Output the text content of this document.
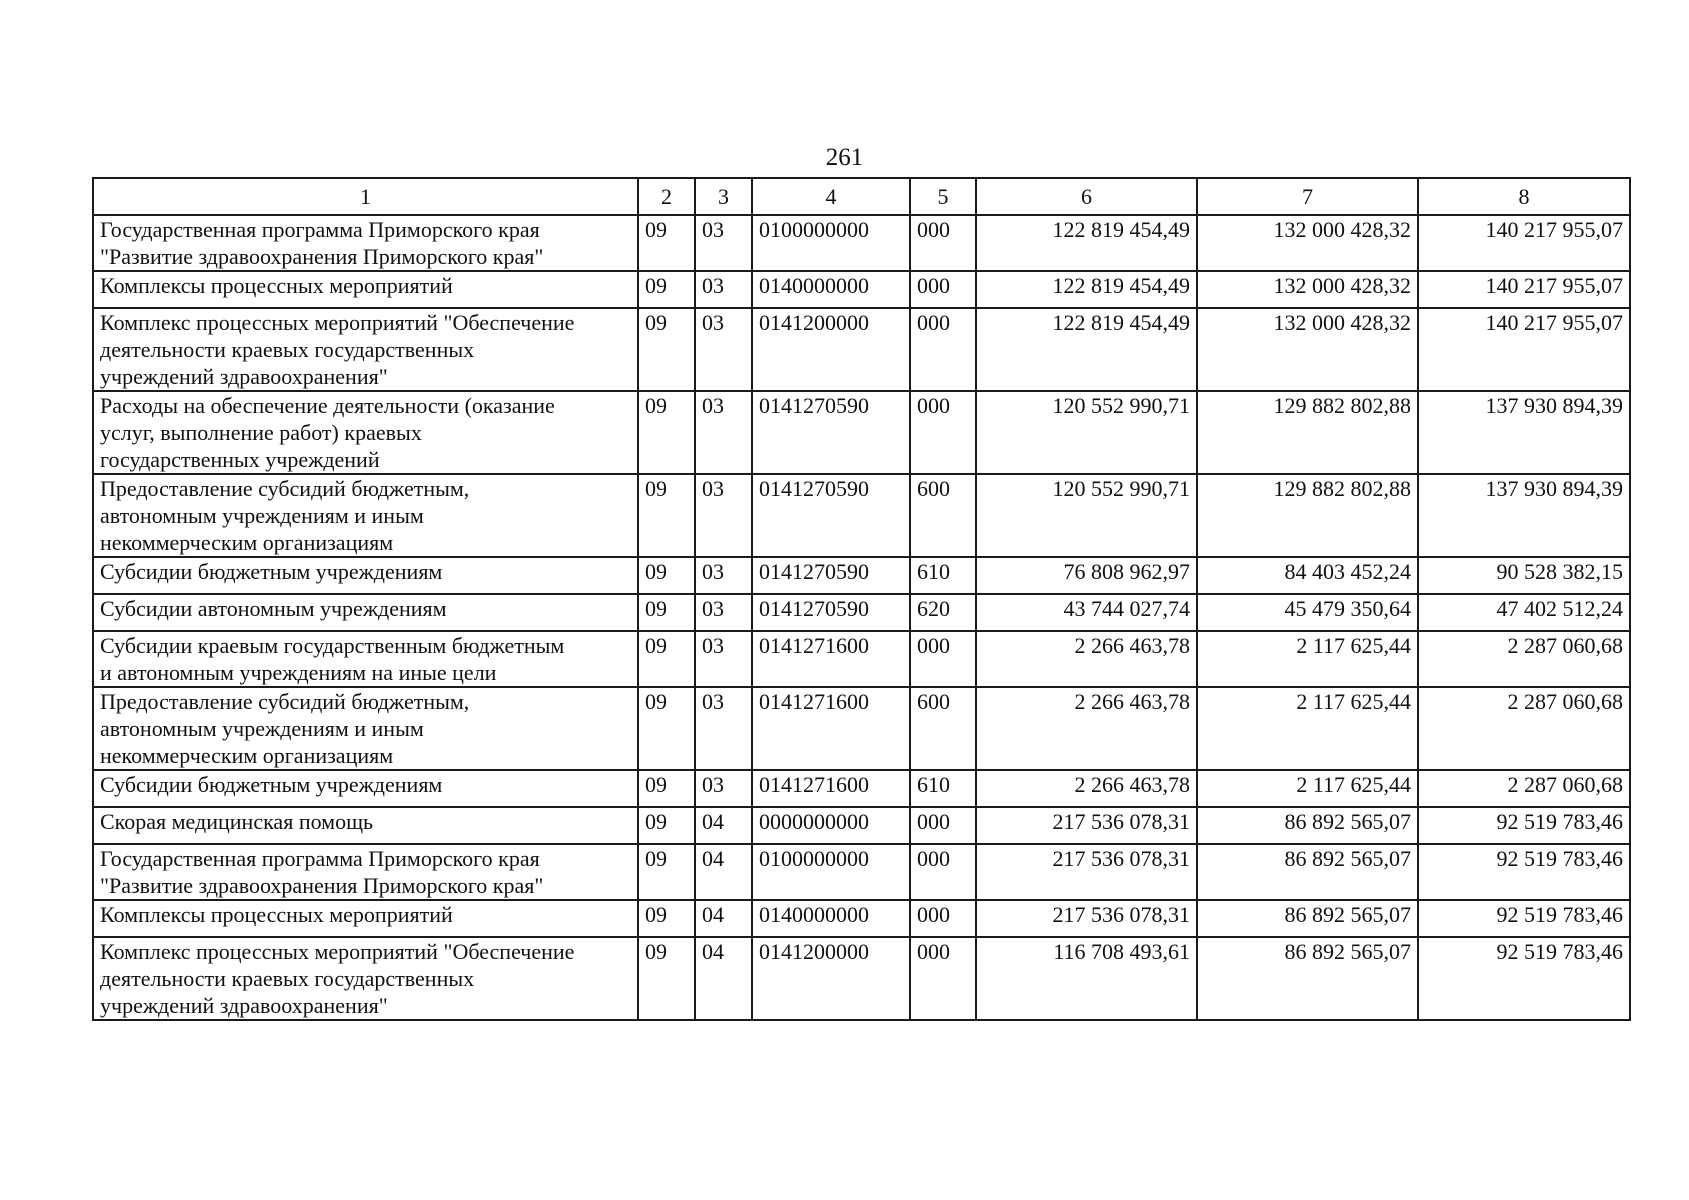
261
1	2	3	4	5	6	7	8
Государственная программа Приморского края
"Развитие здравоохранения Приморского края"	09	03	0100000000	000	122 819 454,49	132 000 428,32	140 217 955,07
Комплексы процессных мероприятий	09	03	0140000000	000	122 819 454,49	132 000 428,32	140 217 955,07
Комплекс процессных мероприятий "Обеспечение
деятельности краевых государственных
учреждений здравоохранения"	09	03	0141200000	000	122 819 454,49	132 000 428,32	140 217 955,07
Расходы на обеспечение деятельности (оказание
услуг, выполнение работ) краевых
государственных учреждений	09	03	0141270590	000	120 552 990,71	129 882 802,88	137 930 894,39
Предоставление субсидий бюджетным,
автономным учреждениям и иным
некоммерческим организациям	09	03	0141270590	600	120 552 990,71	129 882 802,88	137 930 894,39
Субсидии бюджетным учреждениям	09	03	0141270590	610	76 808 962,97	84 403 452,24	90 528 382,15
Субсидии автономным учреждениям	09	03	0141270590	620	43 744 027,74	45 479 350,64	47 402 512,24
Субсидии краевым государственным бюджетным
и автономным учреждениям на иные цели	09	03	0141271600	000	2 266 463,78	2 117 625,44	2 287 060,68
Предоставление субсидий бюджетным,
автономным учреждениям и иным
некоммерческим организациям	09	03	0141271600	600	2 266 463,78	2 117 625,44	2 287 060,68
Субсидии бюджетным учреждениям	09	03	0141271600	610	2 266 463,78	2 117 625,44	2 287 060,68
Скорая медицинская помощь	09	04	0000000000	000	217 536 078,31	86 892 565,07	92 519 783,46
Государственная программа Приморского края
"Развитие здравоохранения Приморского края"	09	04	0100000000	000	217 536 078,31	86 892 565,07	92 519 783,46
Комплексы процессных мероприятий	09	04	0140000000	000	217 536 078,31	86 892 565,07	92 519 783,46
Комплекс процессных мероприятий "Обеспечение
деятельности краевых государственных
учреждений здравоохранения"	09	04	0141200000	000	116 708 493,61	86 892 565,07	92 519 783,46
